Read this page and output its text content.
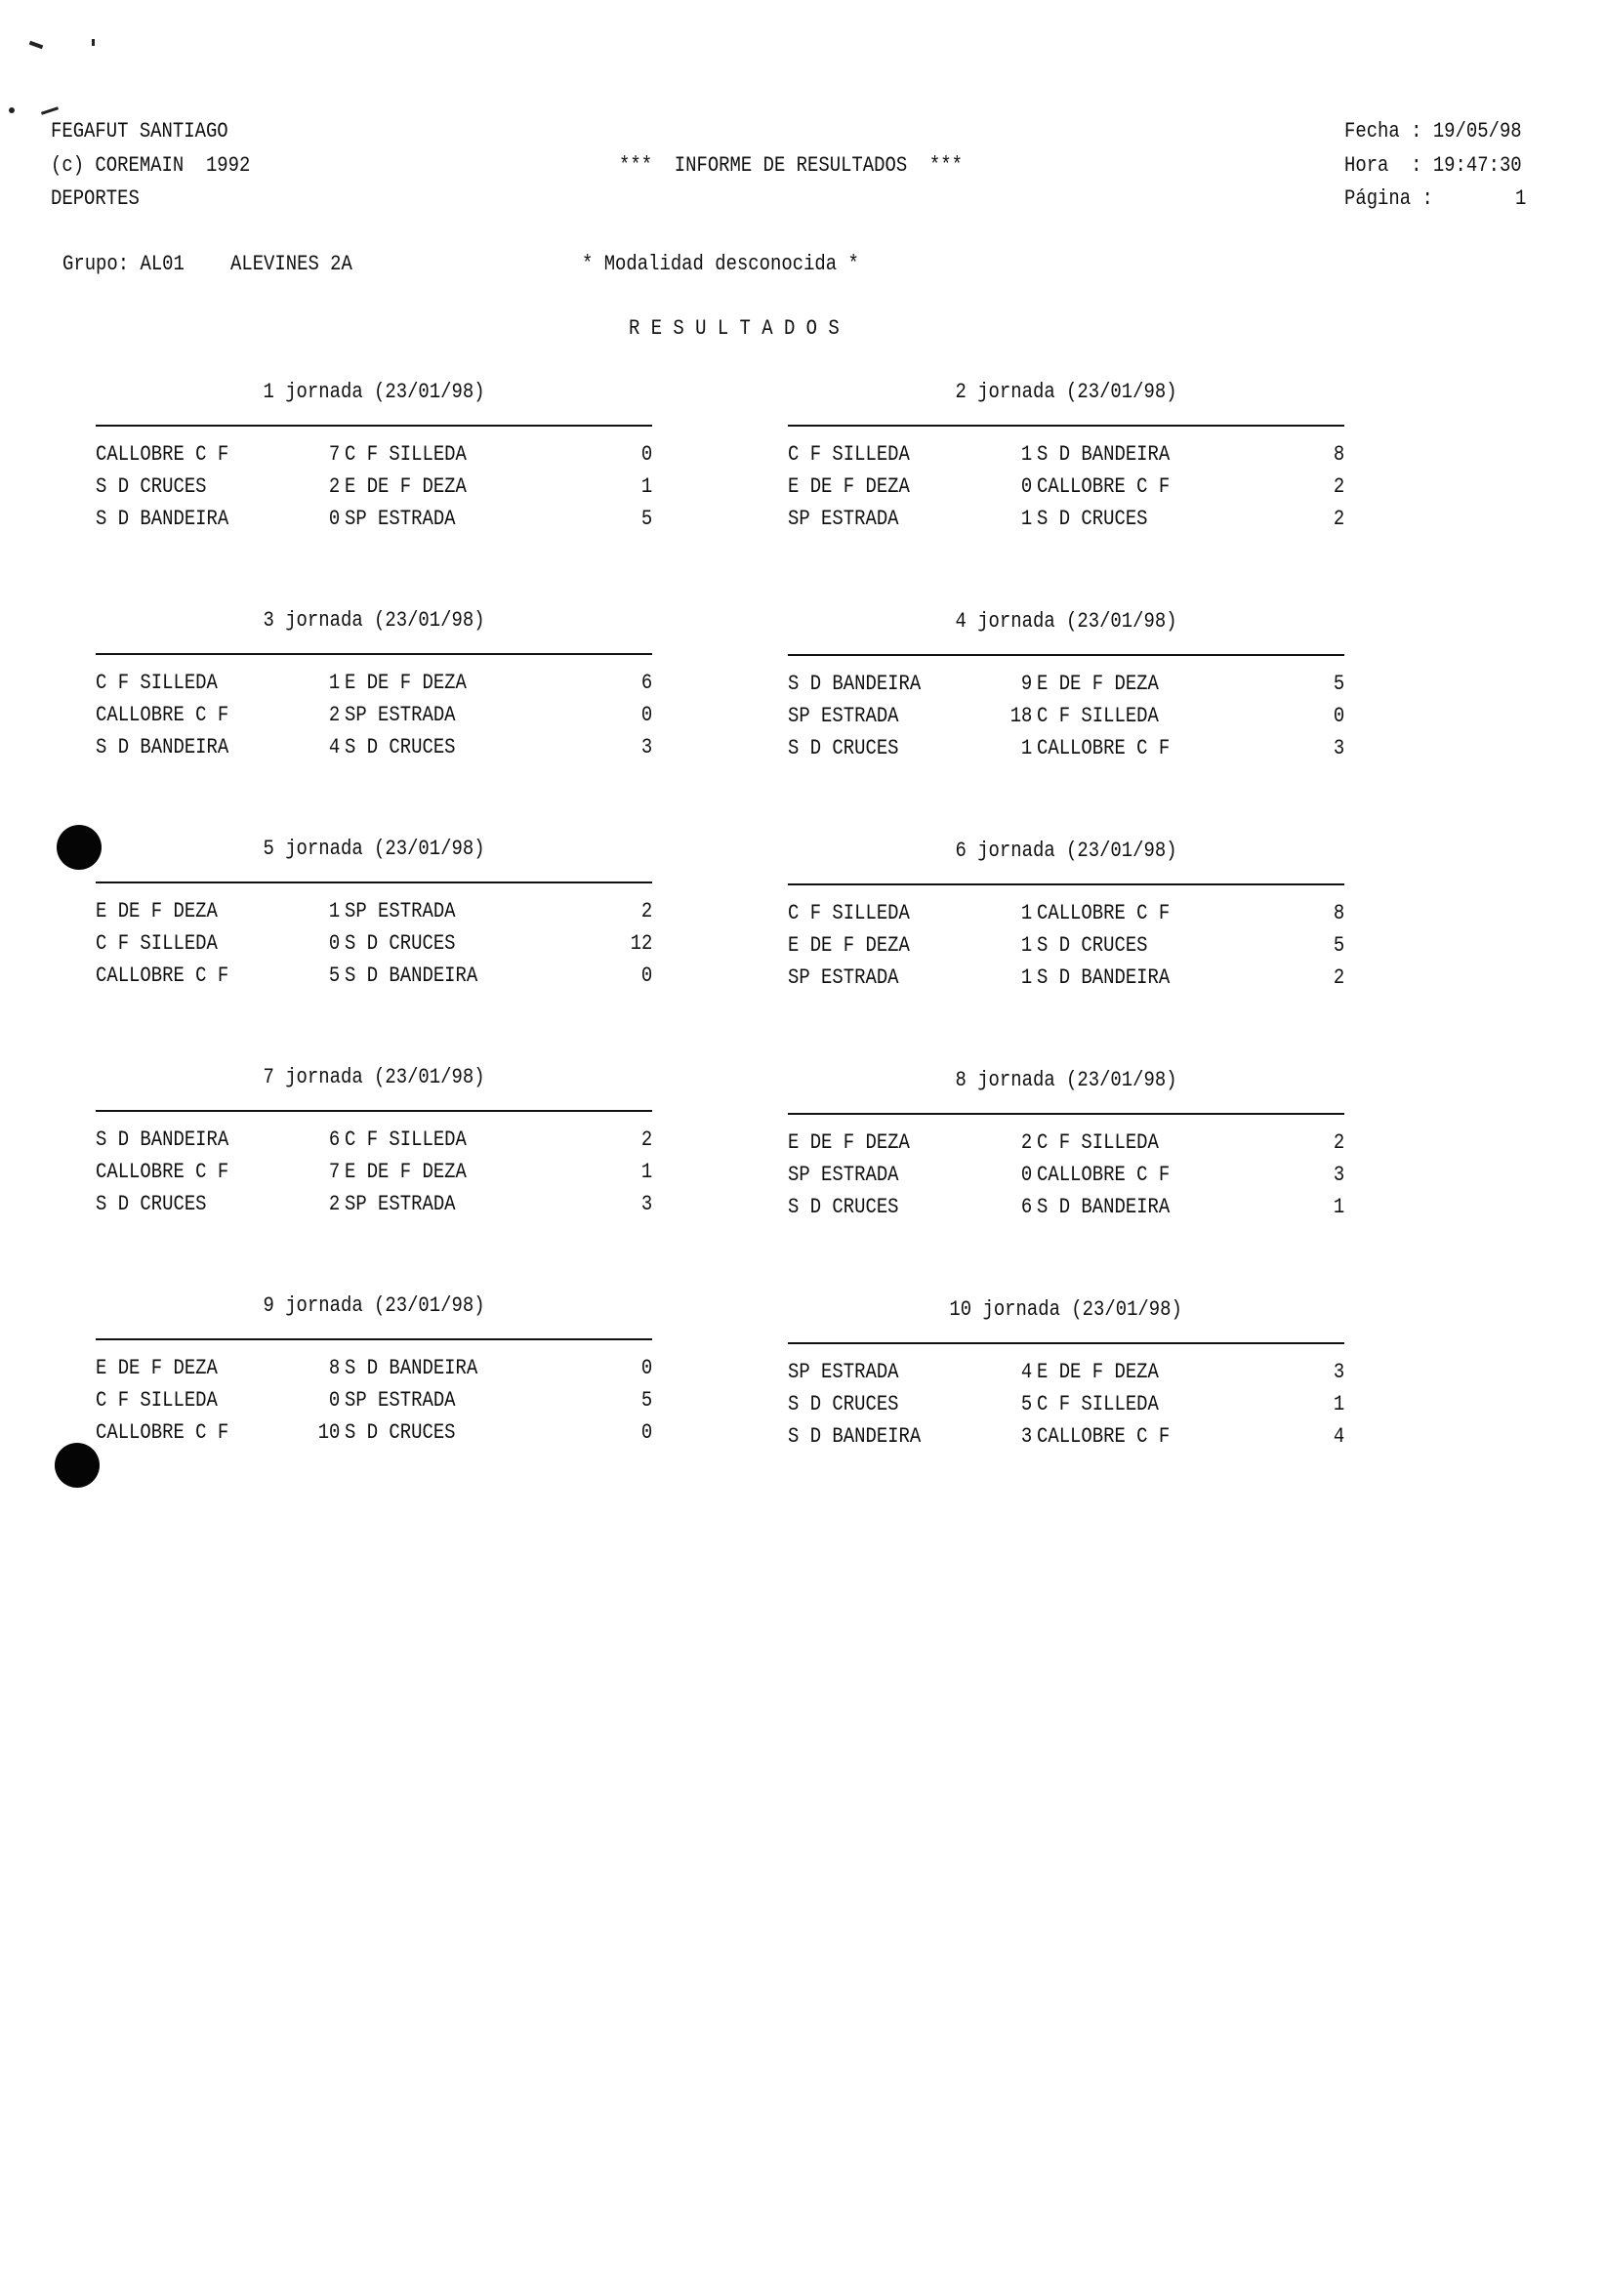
FEGAFUT SANTIAGO
(c) COREMAIN  1992
DEPORTES
***  INFORME DE RESULTADOS  ***
Fecha : 19/05/98
Hora  : 19:47:30
Página :	1
Grupo: AL01 ALEVINES 2A	* Modalidad desconocida *
R E S U L T A D O S
1 jornada (23/01/98)
CALLOBRE C F	7 C F SILLEDA	0
S D CRUCES	2 E DE F DEZA	1
S D BANDEIRA	0 SP ESTRADA	5
2 jornada (23/01/98)
C F SILLEDA	1 S D BANDEIRA	8
E DE F DEZA	0 CALLOBRE C F	2
SP ESTRADA	1 S D CRUCES	2
3 jornada (23/01/98)
C F SILLEDA	1 E DE F DEZA	6
CALLOBRE C F	2 SP ESTRADA	0
S D BANDEIRA	4 S D CRUCES	3
4 jornada (23/01/98)
S D BANDEIRA	9 E DE F DEZA	5
SP ESTRADA	18 C F SILLEDA	0
S D CRUCES	1 CALLOBRE C F	3
5 jornada (23/01/98)
E DE F DEZA	1 SP ESTRADA	2
C F SILLEDA	0 S D CRUCES	12
CALLOBRE C F	5 S D BANDEIRA	0
6 jornada (23/01/98)
C F SILLEDA	1 CALLOBRE C F	8
E DE F DEZA	1 S D CRUCES	5
SP ESTRADA	1 S D BANDEIRA	2
7 jornada (23/01/98)
S D BANDEIRA	6 C F SILLEDA	2
CALLOBRE C F	7 E DE F DEZA	1
S D CRUCES	2 SP ESTRADA	3
8 jornada (23/01/98)
E DE F DEZA	2 C F SILLEDA	2
SP ESTRADA	0 CALLOBRE C F	3
S D CRUCES	6 S D BANDEIRA	1
9 jornada (23/01/98)
E DE F DEZA	8 S D BANDEIRA	0
C F SILLEDA	0 SP ESTRADA	5
CALLOBRE C F	10 S D CRUCES	0
10 jornada (23/01/98)
SP ESTRADA	4 E DE F DEZA	3
S D CRUCES	5 C F SILLEDA	1
S D BANDEIRA	3 CALLOBRE C F	4
